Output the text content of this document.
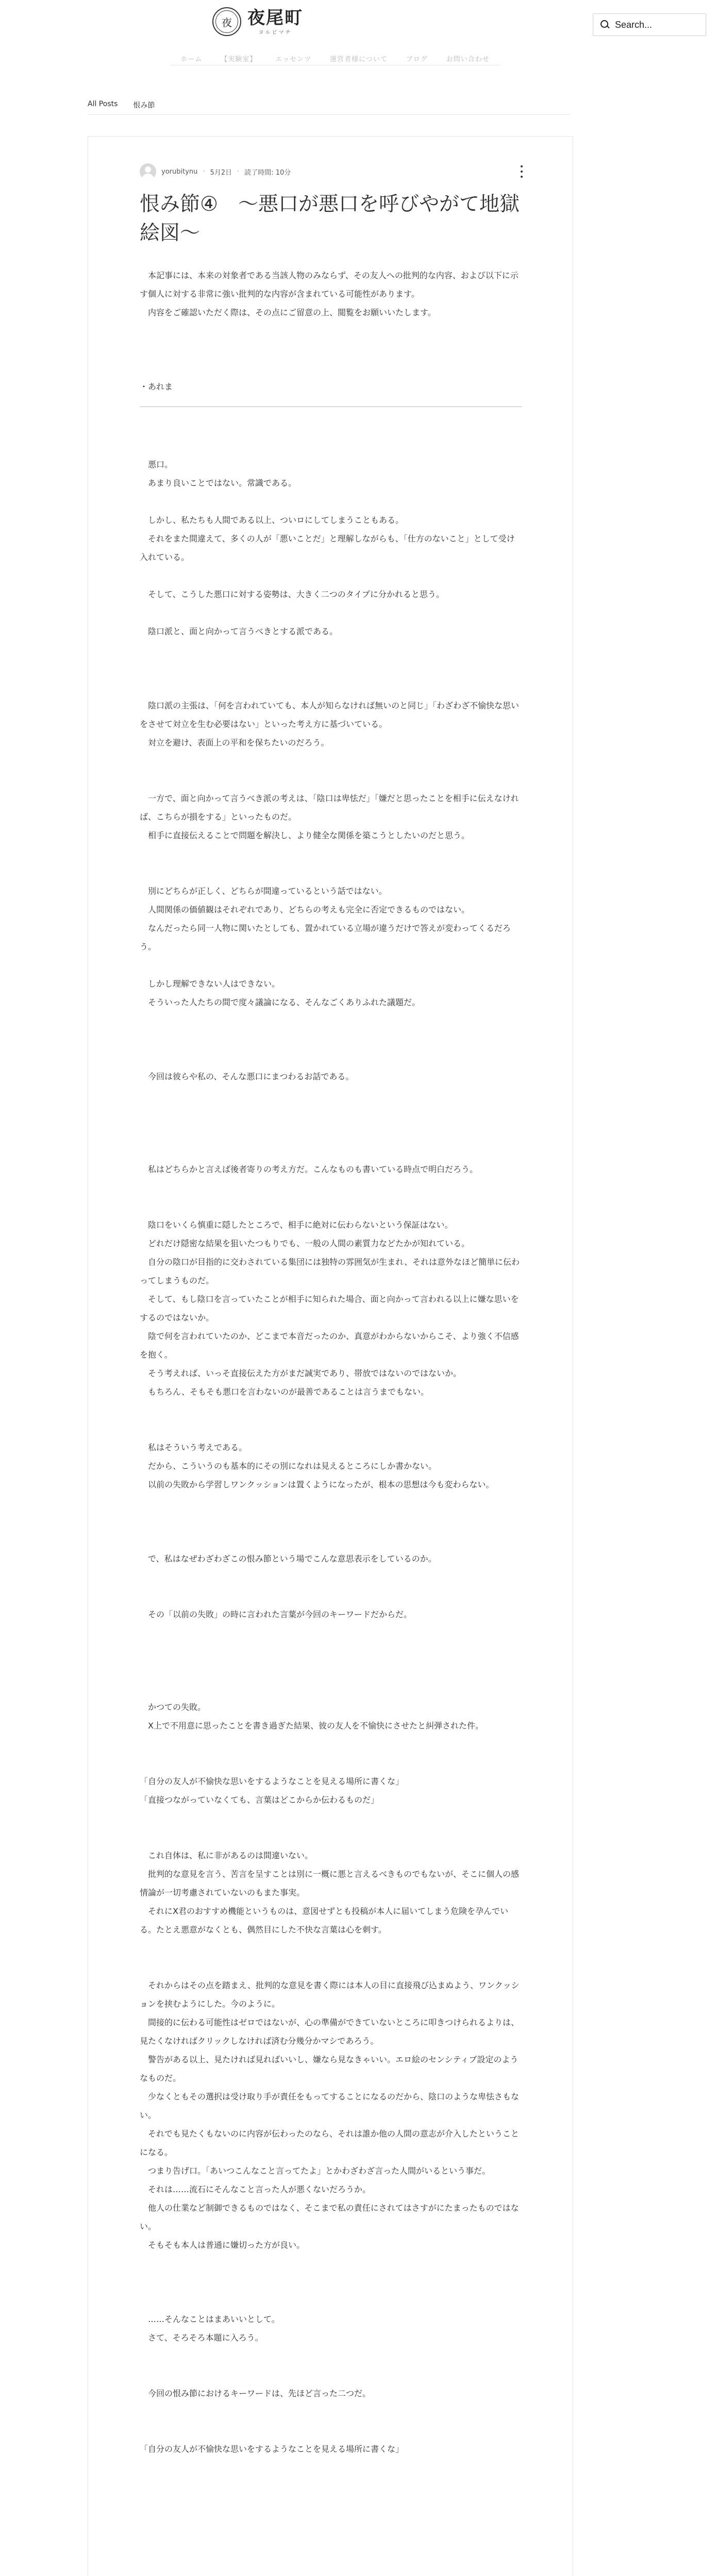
夜 夜尾町
ヨルビマチ
Search...
ホーム	【実験室】	エッセンツ	運営者様について	ブログ	お問い合わせ
All Posts 恨み節
yorubitynu · 5月2日 · 読了時間: 10分
恨み節④　〜悪口が悪口を呼びやがて地獄絵図〜

　本記事には、本来の対象者である当該人物のみならず、その友人への批判的な内容、および以下に示す個人に対する非常に強い批判的な内容が含まれている可能性があります。

　内容をご確認いただく際は、その点にご留意の上、閲覧をお願いいたします。

・あれま

　悪口。

　あまり良いことではない。常識である。

　しかし、私たちも人間である以上、ついロにしてしまうこともある。

　それをまた間違えて、多くの人が「悪いことだ」と理解しながらも、「仕方のないこと」として受け入れている。

　そして、こうした悪口に対する姿勢は、大きく二つのタイプに分かれると思う。

　陰口派と、面と向かって言うべきとする派である。

　陰口派の主張は、「何を言われていても、本人が知らなければ無いのと同じ」「わざわざ不愉快な思いをさせて対立を生む必要はない」といった考え方に基づいている。

　対立を避け、表面上の平和を保ちたいのだろう。

　一方で、面と向かって言うべき派の考えは、「陰口は卑怯だ」「嫌だと思ったことを相手に伝えなければ、こちらが損をする」といったものだ。

　相手に直接伝えることで問題を解決し、より健全な関係を築こうとしたいのだと思う。

　別にどちらが正しく、どちらが間違っているという話ではない。

　人間関係の価値観はそれぞれであり、どちらの考えも完全に否定できるものではない。

　なんだったら同一人物に関いたとしても、置かれている立場が違うだけで答えが変わってくるだろう。

　しかし理解できない人はできない。

　そういった人たちの間で度々議論になる、そんなごくありふれた議題だ。

　今回は彼らや私の、そんな悪口にまつわるお話である。

　私はどちらかと言えば後者寄りの考え方だ。こんなものも書いている時点で明白だろう。

　陰口をいくら慎重に隠したところで、相手に絶対に伝わらないという保証はない。

　どれだけ隠密な結果を狙いたつもりでも、一般の人間の素質力などたかが知れている。

　自分の陰口が目指的に交わされている集団には独特の雰囲気が生まれ、それは意外なほど簡単に伝わってしまうものだ。

　そして、もし陰口を言っていたことが相手に知られた場合、面と向かって言われる以上に嫌な思いをするのではないか。

　陰で何を言われていたのか、どこまで本音だったのか、真意がわからないからこそ、より強く不信感を抱く。

　そう考えれば、いっそ直接伝えた方がまだ誠実であり、帯放ではないのではないか。

　もちろん、そもそも悪口を言わないのが最善であることは言うまでもない。

　私はそういう考えである。

　だから、こういうのも基本的にその別になれは見えるところにしか書かない。

　以前の失敗から学習しワンクッションは置くようになったが、根本の思想は今も変わらない。

　で、私はなぜわざわざこの恨み節という場でこんな意思表示をしているのか。

　その「以前の失敗」の時に言われた言葉が今回のキーワードだからだ。

　かつての失敗。

　X上で不用意に思ったことを書き過ぎた結果、彼の友人を不愉快にさせたと糾弾された件。

「自分の友人が不愉快な思いをするようなことを見える場所に書くな」

「直接つながっていなくても、言葉はどこからか伝わるものだ」

　これ自体は、私に非があるのは間違いない。

　批判的な意見を言う、苦言を呈すことは別に一概に悪と言えるべきものでもないが、そこに個人の感情論が一切考慮されていないのもまた事実。

　それにX君のおすすめ機能というものは、意図せずとも投稿が本人に届いてしまう危険を孕んでいる。たとえ悪意がなくとも、偶然目にした不快な言葉は心を刺す。

　それからはその点を踏まえ、批判的な意見を書く際には本人の目に直接飛び込まぬよう、ワンクッションを挟むようにした。今のように。

　間接的に伝わる可能性はゼロではないが、心の準備ができていないところに叩きつけられるよりは、見たくなければクリックしなければ済む分幾分かマシであろう。

　警告がある以上、見たければ見ればいいし、嫌なら見なきゃいい。エロ絵のセンシティブ設定のようなものだ。

　少なくともその選択は受け取り手が責任をもってすることになるのだから、陰口のような卑怯さもない。

　それでも見たくもないのに内容が伝わったのなら、それは誰か他の人間の意志が介入したということになる。

　つまり告げ口。「あいつこんなこと言ってたよ」とかわざわざ言った人間がいるという事だ。

　それは……流石にそんなこと言った人が悪くないだろうか。

　他人の仕業など制御できるものではなく、そこまで私の責任にされてはさすがにたまったものではない。

　そもそも本人は普通に嫌切った方が良い。

　……そんなことはまあいいとして。

　さて、そろそろ本題に入ろう。

　今回の恨み節におけるキーワードは、先ほど言った二つだ。

「自分の友人が不愉快な思いをするようなことを見える場所に書くな」
